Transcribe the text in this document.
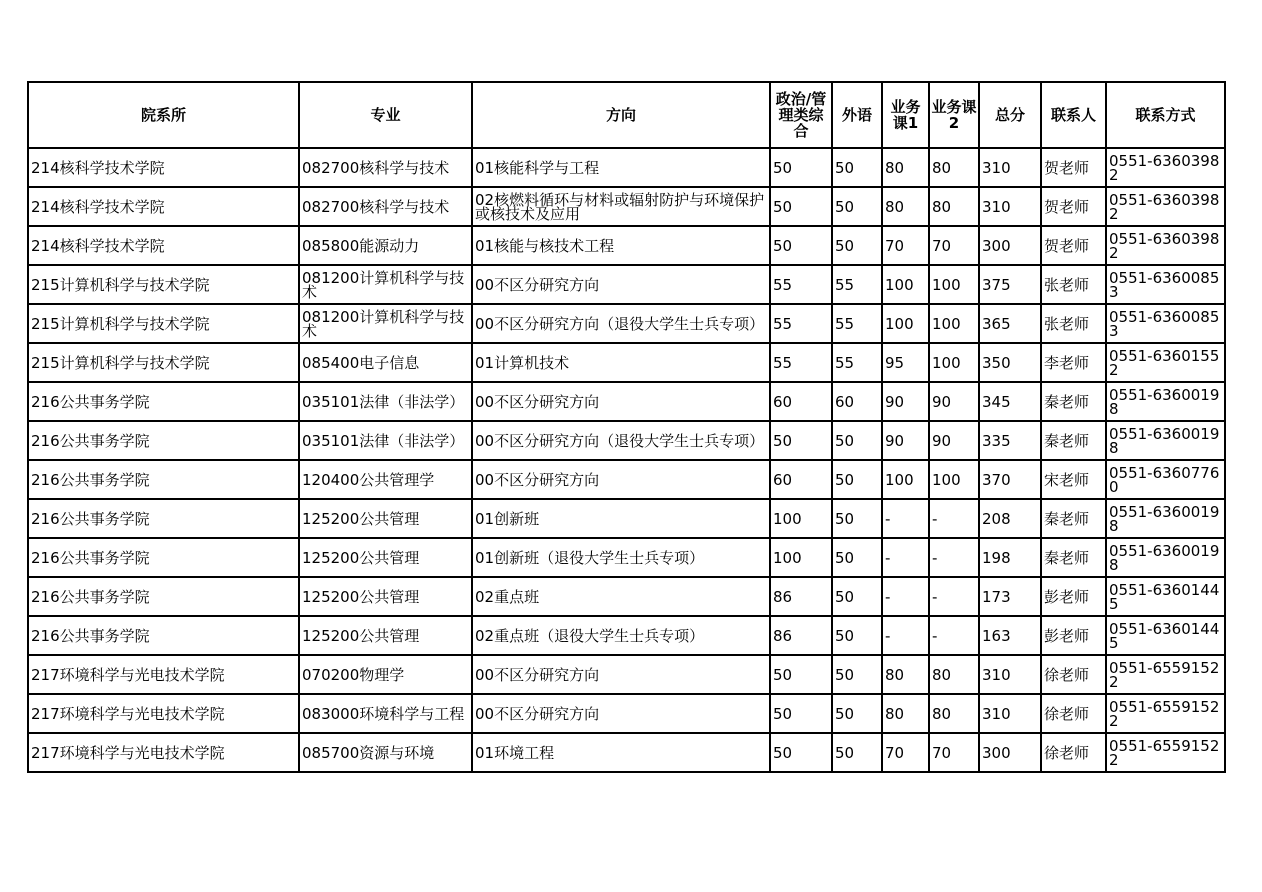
院系所	专业	方向	政治/管理类综合	外语	业务课1	业务课2	总分	联系人	联系方式
214核科学技术学院	082700核科学与技术	01核能科学与工程	50	50	80	80	310	贺老师	0551-63603982
214核科学技术学院	082700核科学与技术	02核燃料循环与材料或辐射防护与环境保护或核技术及应用	50	50	80	80	310	贺老师	0551-63603982
214核科学技术学院	085800能源动力	01核能与核技术工程	50	50	70	70	300	贺老师	0551-63603982
215计算机科学与技术学院	081200计算机科学与技术	00不区分研究方向	55	55	100	100	375	张老师	0551-63600853
215计算机科学与技术学院	081200计算机科学与技术	00不区分研究方向（退役大学生士兵专项）	55	55	100	100	365	张老师	0551-63600853
215计算机科学与技术学院	085400电子信息	01计算机技术	55	55	95	100	350	李老师	0551-63601552
216公共事务学院	035101法律（非法学）	00不区分研究方向	60	60	90	90	345	秦老师	0551-63600198
216公共事务学院	035101法律（非法学）	00不区分研究方向（退役大学生士兵专项）	50	50	90	90	335	秦老师	0551-63600198
216公共事务学院	120400公共管理学	00不区分研究方向	60	50	100	100	370	宋老师	0551-63607760
216公共事务学院	125200公共管理	01创新班	100	50	-	-	208	秦老师	0551-63600198
216公共事务学院	125200公共管理	01创新班（退役大学生士兵专项）	100	50	-	-	198	秦老师	0551-63600198
216公共事务学院	125200公共管理	02重点班	86	50	-	-	173	彭老师	0551-63601445
216公共事务学院	125200公共管理	02重点班（退役大学生士兵专项）	86	50	-	-	163	彭老师	0551-63601445
217环境科学与光电技术学院	070200物理学	00不区分研究方向	50	50	80	80	310	徐老师	0551-65591522
217环境科学与光电技术学院	083000环境科学与工程	00不区分研究方向	50	50	80	80	310	徐老师	0551-65591522
217环境科学与光电技术学院	085700资源与环境	01环境工程	50	50	70	70	300	徐老师	0551-65591522
